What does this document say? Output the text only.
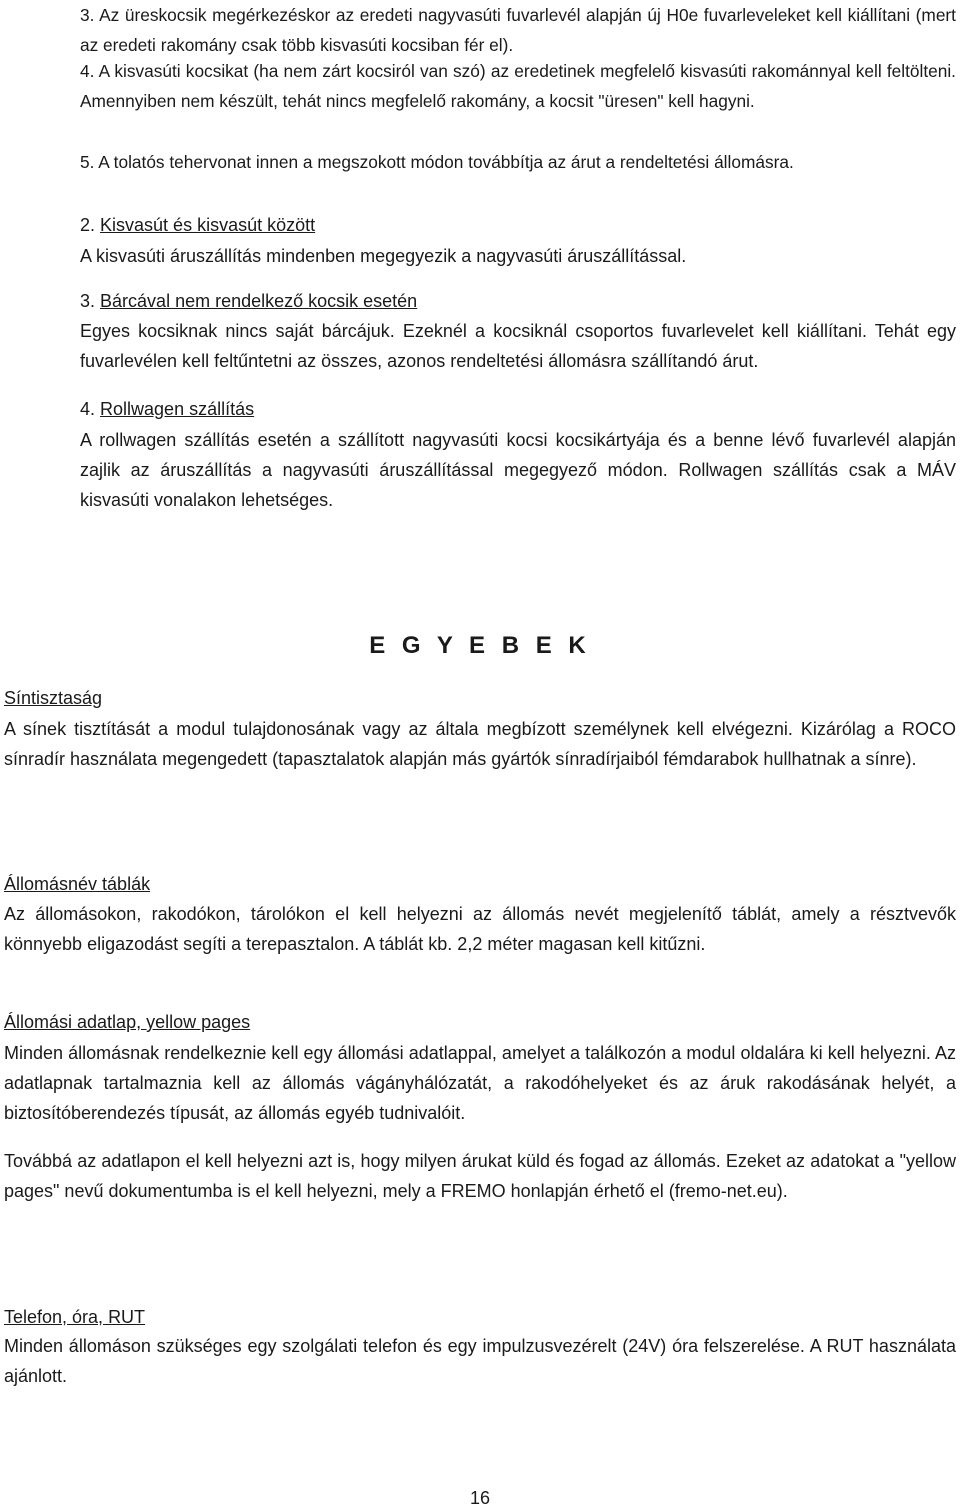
3. Az üreskocsik megérkezéskor az eredeti nagyvasúti fuvarlevél alapján új H0e fuvarleveleket kell kiállítani (mert az eredeti rakomány csak több kisvasúti kocsiban fér el).

4. A kisvasúti kocsikat (ha nem zárt kocsiról van szó) az eredetinek megfelelő kisvasúti rakománnyal kell feltölteni. Amennyiben nem készült, tehát nincs megfelelő rakomány, a kocsit "üresen" kell hagyni.

5. A tolatós tehervonat innen a megszokott módon továbbítja az árut a rendeltetési állomásra.

2. Kisvasút és kisvasút között

A kisvasúti áruszállítás mindenben megegyezik a nagyvasúti áruszállítással.

3. Bárcával nem rendelkező kocsik esetén

Egyes kocsiknak nincs saját bárcájuk. Ezeknél a kocsiknál csoportos fuvarlevelet kell kiállítani. Tehát egy fuvarlevélen kell feltűntetni az összes, azonos rendeltetési állomásra szállítandó árut.

4. Rollwagen szállítás

A rollwagen szállítás esetén a szállított nagyvasúti kocsi kocsikártyája és a benne lévő fuvarlevél alapján zajlik az áruszállítás a nagyvasúti áruszállítással megegyező módon. Rollwagen szállítás csak a MÁV kisvasúti vonalakon lehetséges.

E G Y E B E K
Síntisztaság

A sínek tisztítását a modul tulajdonosának vagy az általa megbízott személynek kell elvégezni. Kizárólag a ROCO sínradír használata megengedett (tapasztalatok alapján más gyártók sínradírjaiból fémdarabok hullhatnak a sínre).

Állomásnév táblák

Az állomásokon, rakodókon, tárolókon el kell helyezni az állomás nevét megjelenítő táblát, amely a résztvevők könnyebb eligazodást segíti a terepasztalon. A táblát kb. 2,2 méter magasan kell kitűzni.

Állomási adatlap, yellow pages

Minden állomásnak rendelkeznie kell egy állomási adatlappal, amelyet a találkozón a modul oldalára ki kell helyezni. Az adatlapnak tartalmaznia kell az állomás vágányhálózatát, a rakodóhelyeket és az áruk rakodásának helyét, a biztosítóberendezés típusát, az állomás egyéb tudnivalóit.

Továbbá az adatlapon el kell helyezni azt is, hogy milyen árukat küld és fogad az állomás. Ezeket az adatokat a "yellow pages" nevű dokumentumba is el kell helyezni, mely a FREMO honlapján érhető el (fremo-net.eu).

Telefon, óra, RUT

Minden állomáson szükséges egy szolgálati telefon és egy impulzusvezérelt (24V) óra felszerelése. A RUT használata ajánlott.

16
